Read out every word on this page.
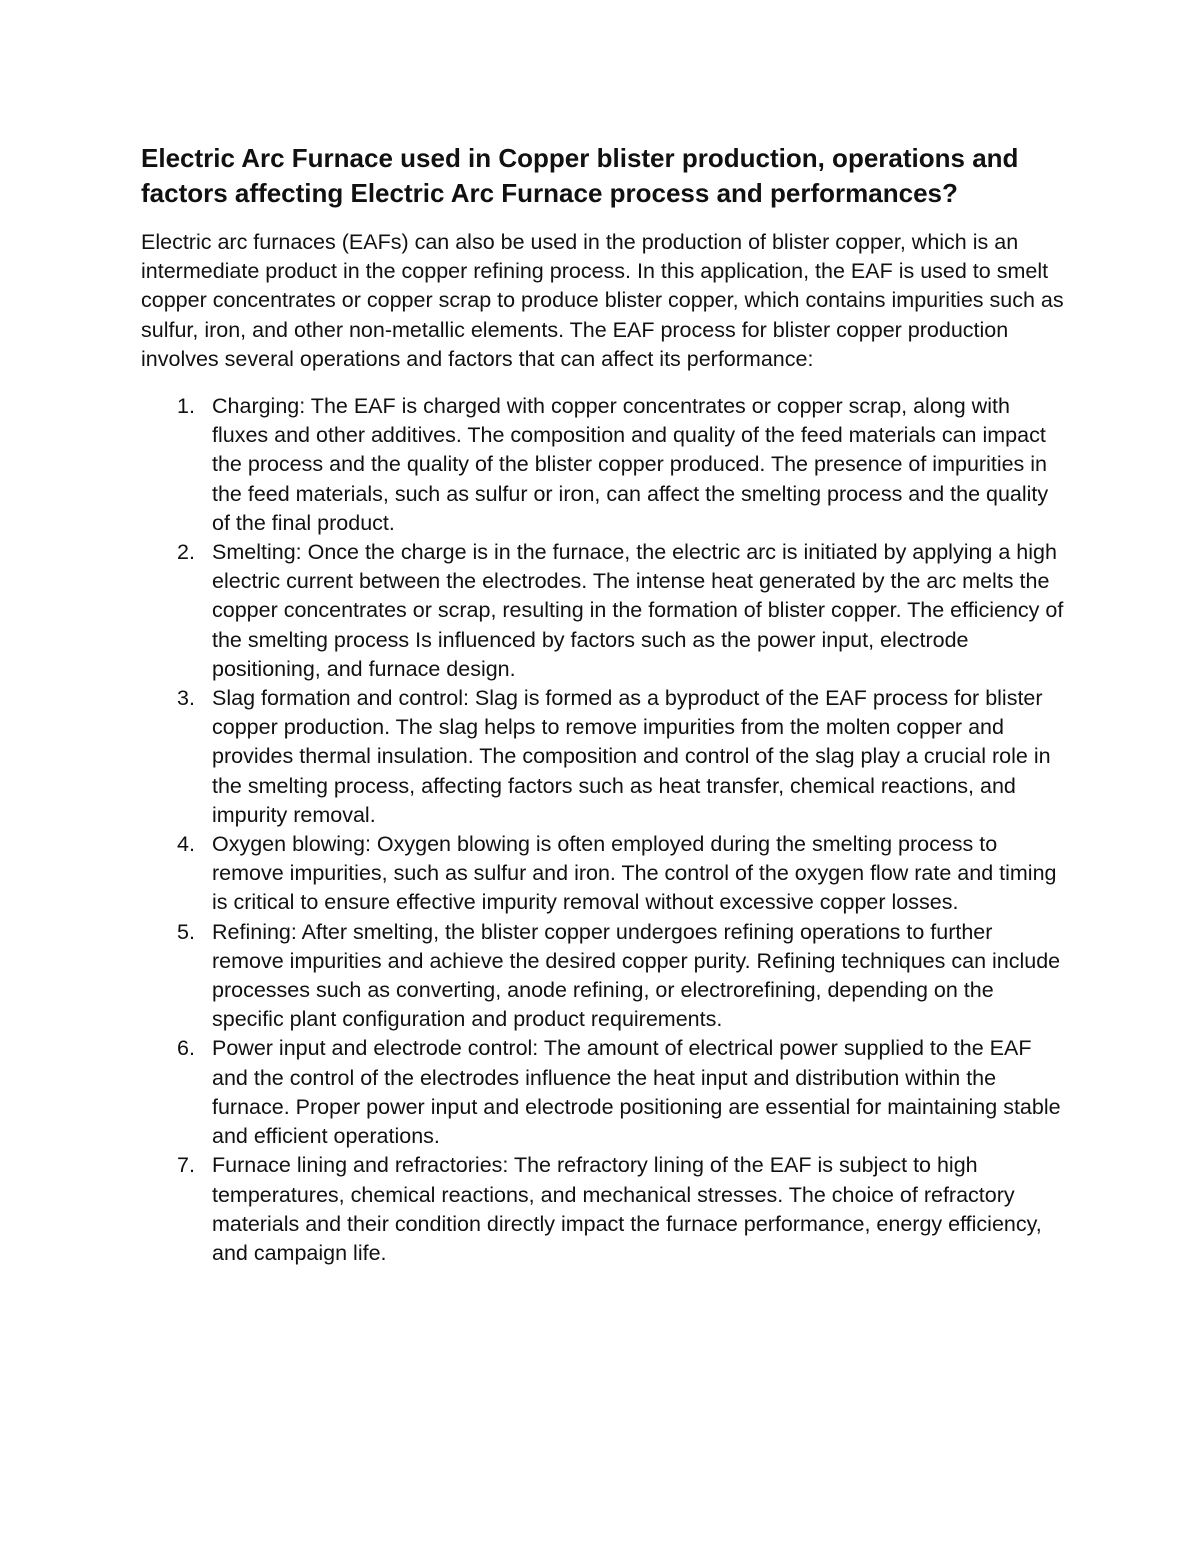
Electric Arc Furnace used in Copper blister production, operations and factors affecting Electric Arc Furnace process and performances?

Electric arc furnaces (EAFs) can also be used in the production of blister copper, which is an intermediate product in the copper refining process. In this application, the EAF is used to smelt copper concentrates or copper scrap to produce blister copper, which contains impurities such as sulfur, iron, and other non-metallic elements. The EAF process for blister copper production involves several operations and factors that can affect its performance:

1. Charging: The EAF is charged with copper concentrates or copper scrap, along with fluxes and other additives. The composition and quality of the feed materials can impact the process and the quality of the blister copper produced. The presence of impurities in the feed materials, such as sulfur or iron, can affect the smelting process and the quality of the final product.
2. Smelting: Once the charge is in the furnace, the electric arc is initiated by applying a high electric current between the electrodes. The intense heat generated by the arc melts the copper concentrates or scrap, resulting in the formation of blister copper. The efficiency of the smelting process Is influenced by factors such as the power input, electrode positioning, and furnace design.
3. Slag formation and control: Slag is formed as a byproduct of the EAF process for blister copper production. The slag helps to remove impurities from the molten copper and provides thermal insulation. The composition and control of the slag play a crucial role in the smelting process, affecting factors such as heat transfer, chemical reactions, and impurity removal.
4. Oxygen blowing: Oxygen blowing is often employed during the smelting process to remove impurities, such as sulfur and iron. The control of the oxygen flow rate and timing is critical to ensure effective impurity removal without excessive copper losses.
5. Refining: After smelting, the blister copper undergoes refining operations to further remove impurities and achieve the desired copper purity. Refining techniques can include processes such as converting, anode refining, or electrorefining, depending on the specific plant configuration and product requirements.
6. Power input and electrode control: The amount of electrical power supplied to the EAF and the control of the electrodes influence the heat input and distribution within the furnace. Proper power input and electrode positioning are essential for maintaining stable and efficient operations.
7. Furnace lining and refractories: The refractory lining of the EAF is subject to high temperatures, chemical reactions, and mechanical stresses. The choice of refractory materials and their condition directly impact the furnace performance, energy efficiency, and campaign life.
